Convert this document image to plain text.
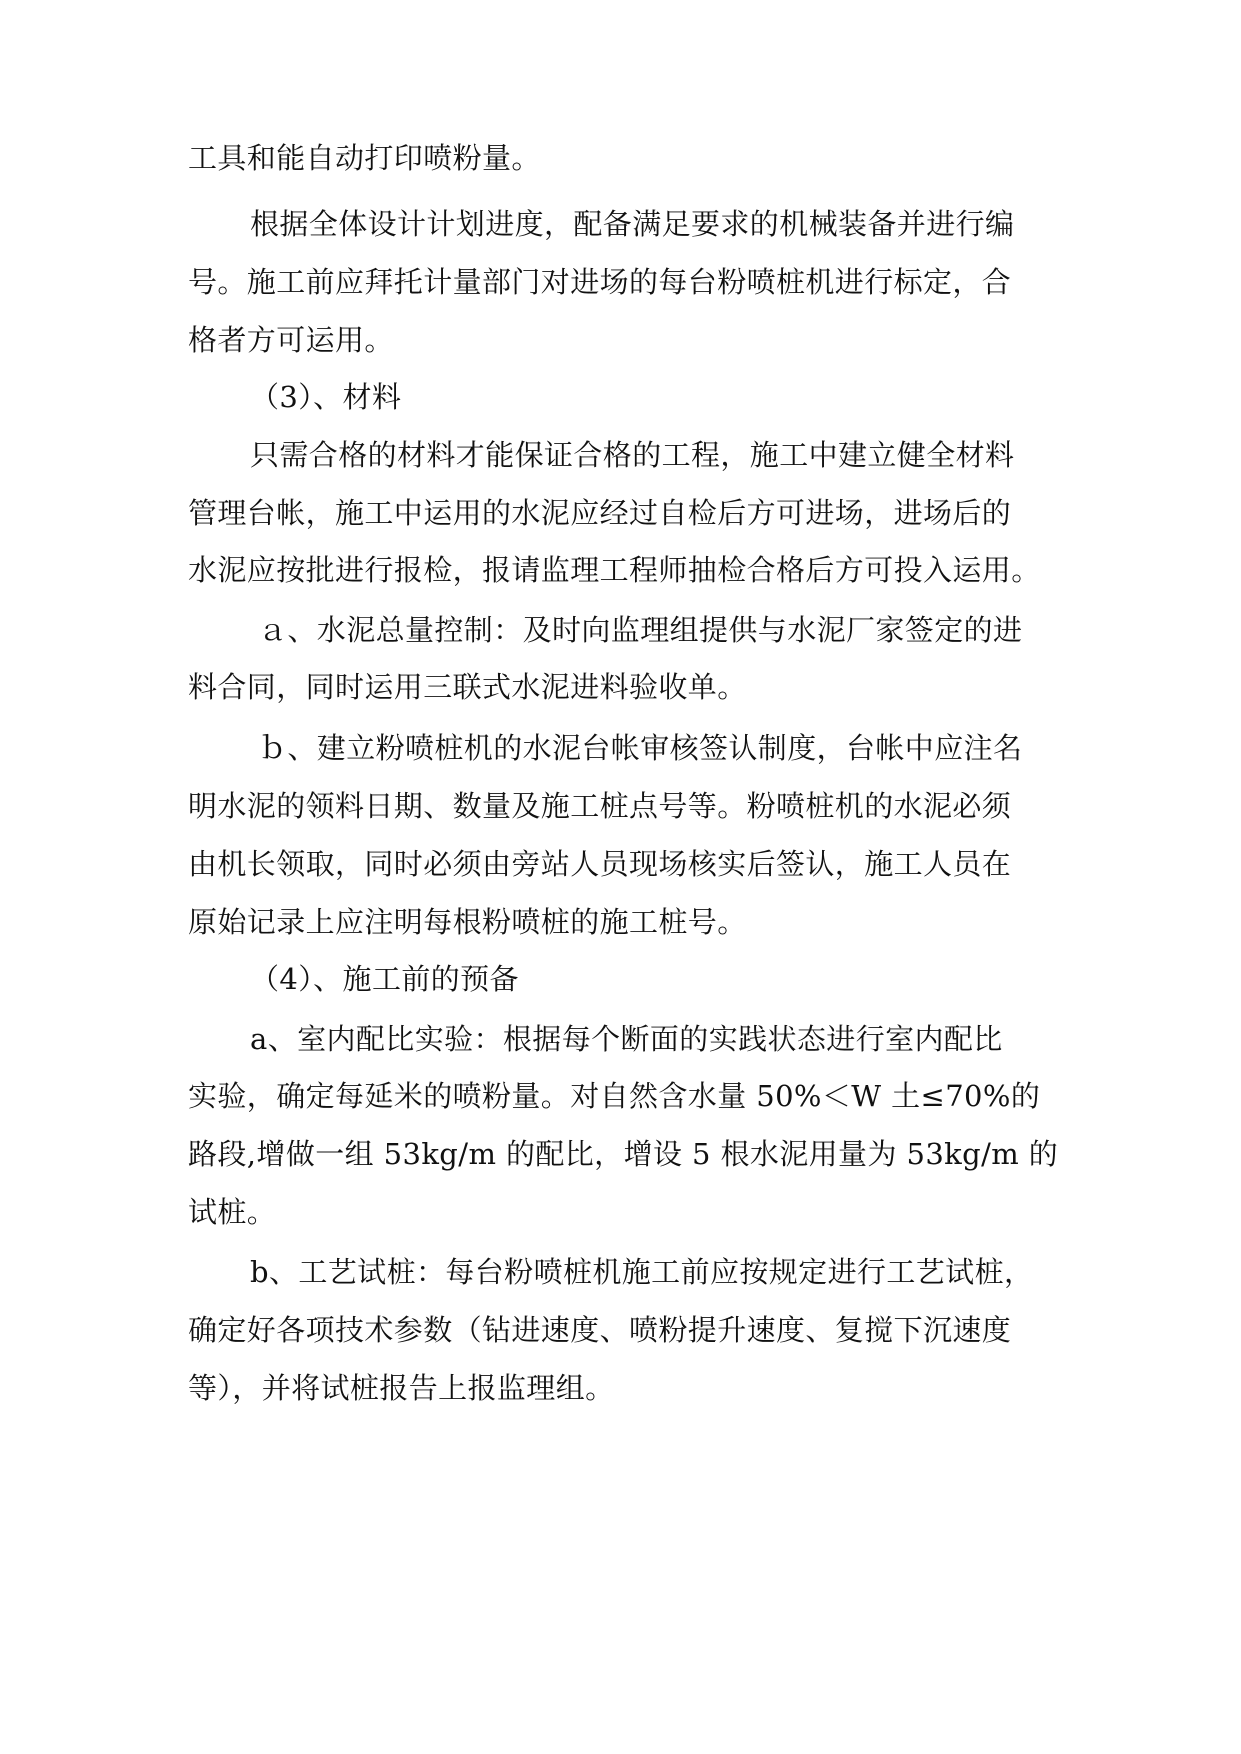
工具和能自动打印喷粉量。
根据全体设计计划进度，配备满足要求的机械装备并进行编
号。施工前应拜托计量部门对进场的每台粉喷桩机进行标定，合
格者方可运用。
（3）、材料
只需合格的材料才能保证合格的工程，施工中建立健全材料
管理台帐，施工中运用的水泥应经过自检后方可进场，进场后的
水泥应按批进行报检，报请监理工程师抽检合格后方可投入运用。
ａ、水泥总量控制：及时向监理组提供与水泥厂家签定的进
料合同，同时运用三联式水泥进料验收单。
ｂ、建立粉喷桩机的水泥台帐审核签认制度，台帐中应注名
明水泥的领料日期、数量及施工桩点号等。粉喷桩机的水泥必须
由机长领取，同时必须由旁站人员现场核实后签认，施工人员在
原始记录上应注明每根粉喷桩的施工桩号。
（4）、施工前的预备
a、室内配比实验：根据每个断面的实践状态进行室内配比
实验，确定每延米的喷粉量。对自然含水量 50%＜W 土≤70%的
路段,增做一组 53kg/m 的配比，增设 5 根水泥用量为 53kg/m 的
试桩。
b、工艺试桩：每台粉喷桩机施工前应按规定进行工艺试桩，
确定好各项技术参数（钻进速度、喷粉提升速度、复搅下沉速度
等），并将试桩报告上报监理组。
